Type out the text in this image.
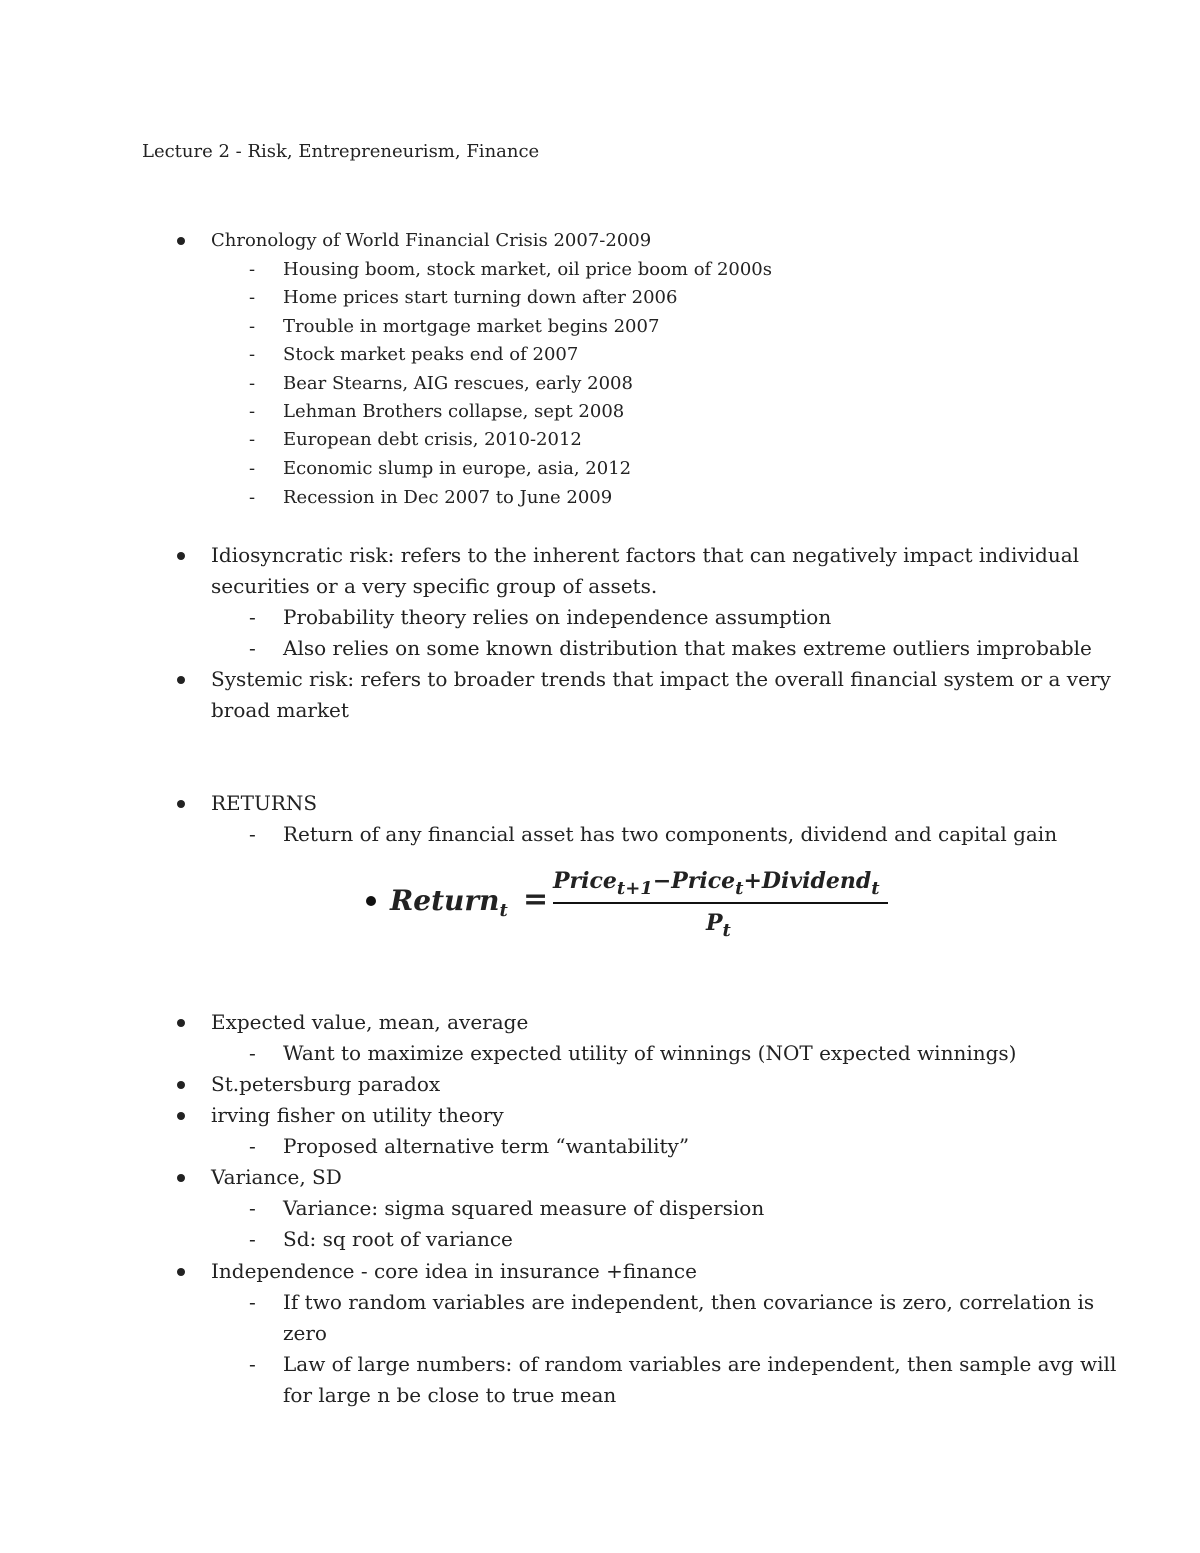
Lecture 2 - Risk, Entrepreneurism, Finance
Chronology of World Financial Crisis 2007-2009
- Housing boom, stock market, oil price boom of 2000s
- Home prices start turning down after 2006
- Trouble in mortgage market begins 2007
- Stock market peaks end of 2007
- Bear Stearns, AIG rescues, early 2008
- Lehman Brothers collapse, sept 2008
- European debt crisis, 2010-2012
- Economic slump in europe, asia, 2012
- Recession in Dec 2007 to June 2009
Idiosyncratic risk: refers to the inherent factors that can negatively impact individual
securities or a very specific group of assets.
- Probability theory relies on independence assumption
- Also relies on some known distribution that makes extreme outliers improbable
Systemic risk: refers to broader trends that impact the overall financial system or a very
broad market
RETURNS
- Return of any financial asset has two components, dividend and capital gain
Return$_t$ =
Price$_{t+1}$−Price$_t$+Dividend$_t$
$P_t$
Expected value, mean, average
- Want to maximize expected utility of winnings (NOT expected winnings)
St.petersburg paradox
irving fisher on utility theory
- Proposed alternative term “wantability”
Variance, SD
- Variance: sigma squared measure of dispersion
- Sd: sq root of variance
Independence - core idea in insurance +finance
- If two random variables are independent, then covariance is zero, correlation is
zero
- Law of large numbers: of random variables are independent, then sample avg will
for large n be close to true mean
